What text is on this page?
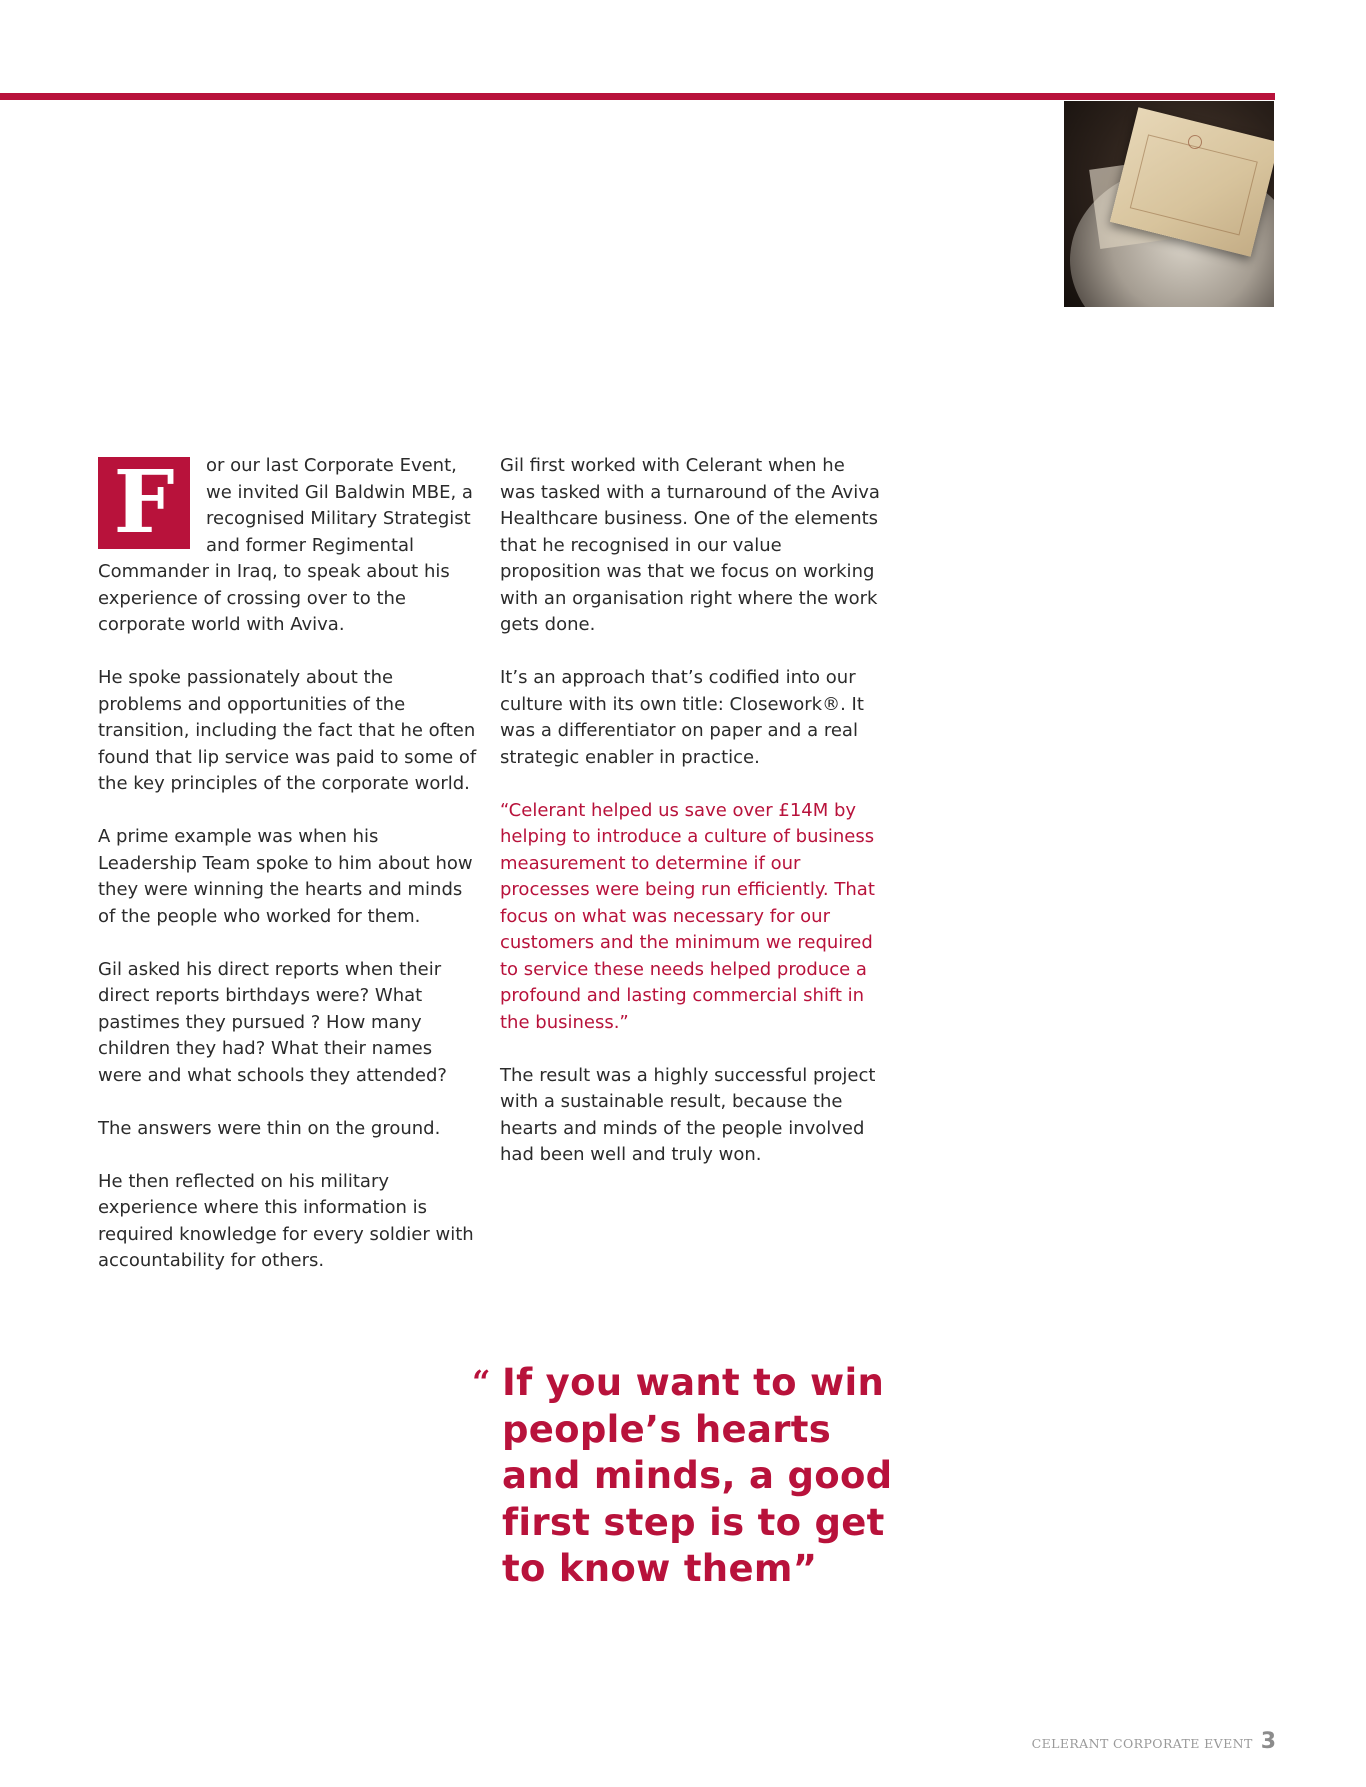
F	or our last Corporate Event, we invited Gil Baldwin MBE, a recognised Military Strategist and former Regimental Commander in Iraq, to speak about his experience of crossing over to the corporate world with Aviva.

He spoke passionately about the problems and opportunities of the transition, including the fact that he often found that lip service was paid to some of the key principles of the corporate world.

A prime example was when his Leadership Team spoke to him about how they were winning the hearts and minds of the people who worked for them.

Gil asked his direct reports when their direct reports birthdays were? What pastimes they pursued ? How many children they had? What their names were and what schools they attended?

The answers were thin on the ground.

He then reflected on his military experience where this information is required knowledge for every soldier with accountability for others.

Gil first worked with Celerant when he was tasked with a turnaround of the Aviva Healthcare business. One of the elements that he recognised in our value proposition was that we focus on working with an organisation right where the work gets done.

It’s an approach that’s codified into our culture with its own title: Closework®. It was a differentiator on paper and a real strategic enabler in practice.

“Celerant helped us save over £14M by helping to introduce a culture of business measurement to determine if our processes were being run efficiently. That focus on what was necessary for our customers and the minimum we required to service these needs helped produce a profound and lasting commercial shift in the business.”

The result was a highly successful project with a sustainable result, because the hearts and minds of the people involved had been well and truly won.

“ If you want to win
people’s hearts
and minds, a good
first step is to get
to know them”
CELERANT CORPORATE EVENT 3
